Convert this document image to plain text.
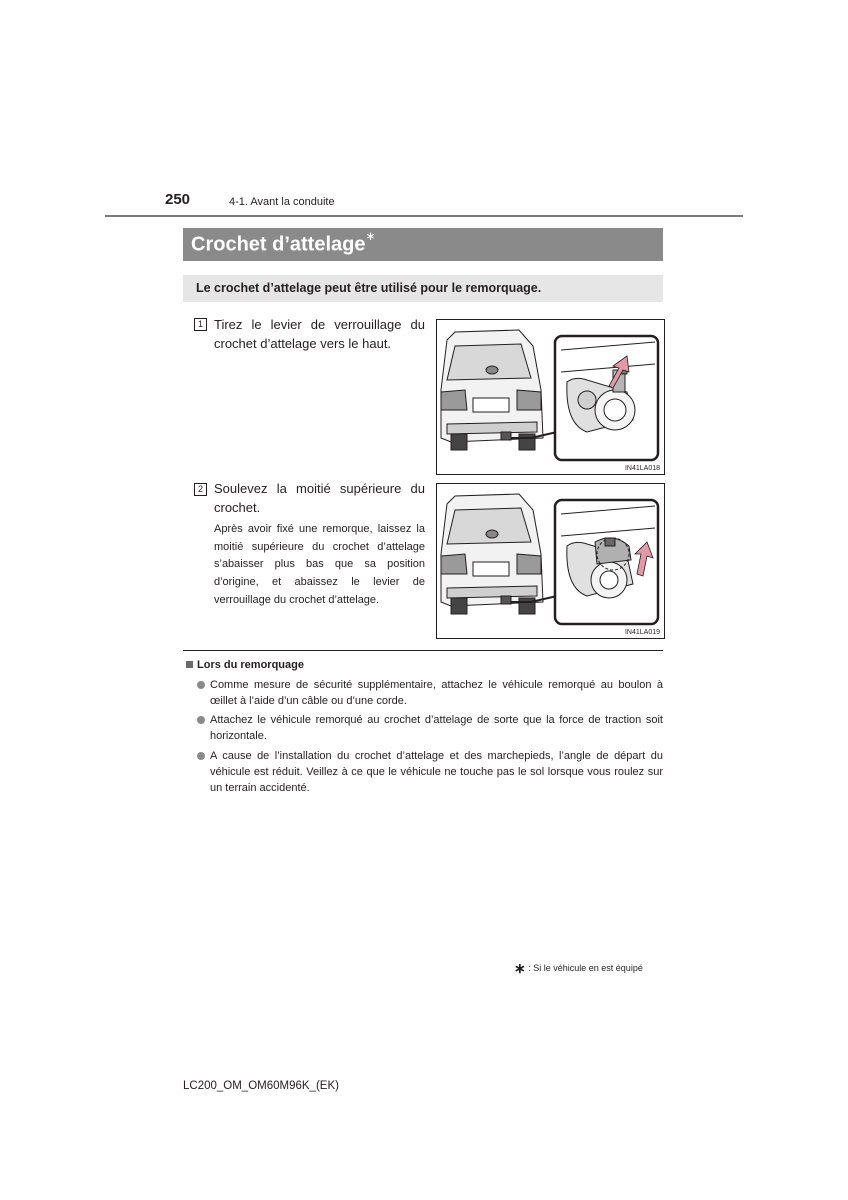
250	4-1. Avant la conduite
Crochet d’attelage∗
Le crochet d’attelage peut être utilisé pour le remorquage.
1 Tirez le levier de verrouillage du crochet d’attelage vers le haut.
IN41LA018
2 Soulevez la moitié supérieure du crochet.
Après avoir fixé une remorque, laissez la moitié supérieure du crochet d’attelage s’abaisser plus bas que sa position d’origine, et abaissez le levier de verrouillage du crochet d’attelage.
IN41LA019
Lors du remorquage
Comme mesure de sécurité supplémentaire, attachez le véhicule remorqué au boulon à œillet à l’aide d’un câble ou d’une corde.
Attachez le véhicule remorqué au crochet d’attelage de sorte que la force de traction soit horizontale.
A cause de l’installation du crochet d’attelage et des marchepieds, l’angle de départ du véhicule est réduit. Veillez à ce que le véhicule ne touche pas le sol lorsque vous roulez sur un terrain accidenté.
∗ : Si le véhicule en est équipé
LC200_OM_OM60M96K_(EK)
